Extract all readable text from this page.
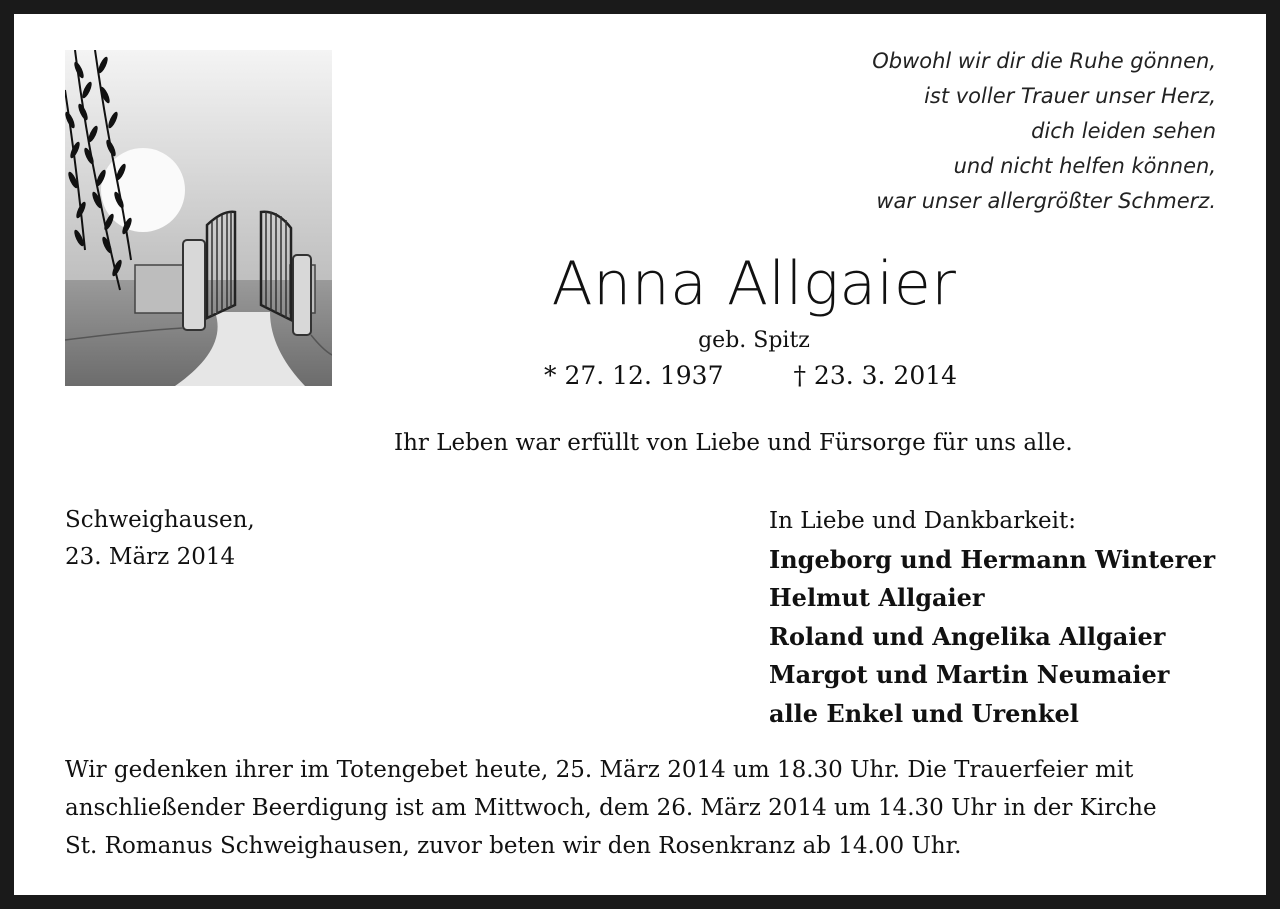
Obwohl wir dir die Ruhe gönnen,
ist voller Trauer unser Herz,
dich leiden sehen
und nicht helfen können,
war unser allergrößter Schmerz.
Anna Allgaier
geb. Spitz
* 27. 12. 1937	† 23. 3. 2014
Ihr Leben war erfüllt von Liebe und Fürsorge für uns alle.
Schweighausen,
23. März 2014
In Liebe und Dankbarkeit:
Ingeborg und Hermann Winterer
Helmut Allgaier
Roland und Angelika Allgaier
Margot und Martin Neumaier
alle Enkel und Urenkel
Wir gedenken ihrer im Totengebet heute, 25. März 2014 um 18.30 Uhr. Die Trauerfeier mit
anschließender Beerdigung ist am Mittwoch, dem 26. März 2014 um 14.30 Uhr in der Kirche
St. Romanus Schweighausen, zuvor beten wir den Rosenkranz ab 14.00 Uhr.
